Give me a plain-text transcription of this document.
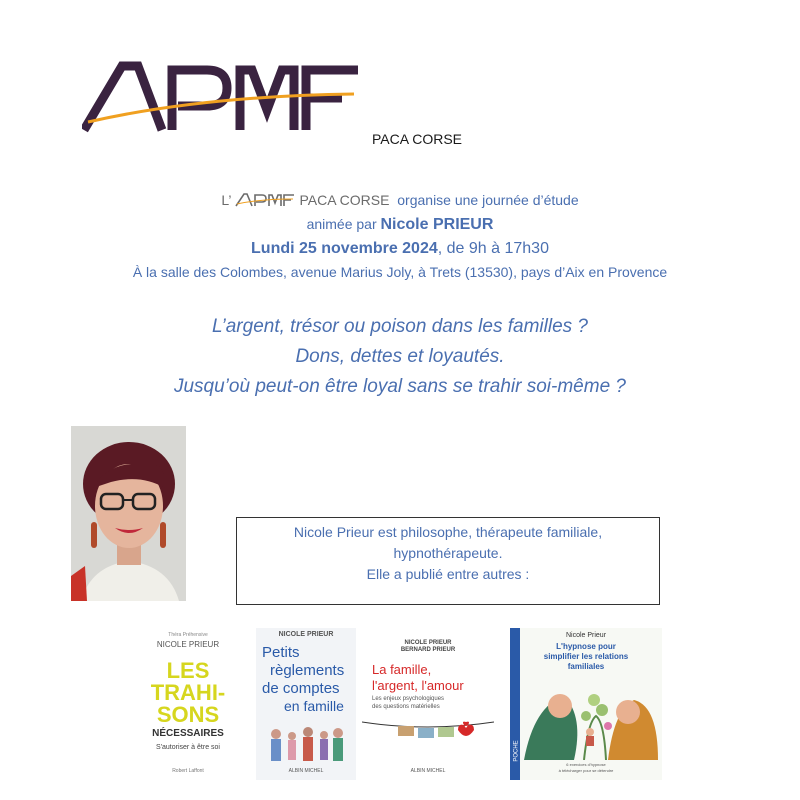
PACA CORSE
L’	PACA CORSE organise une journée d’étude
animée par Nicole PRIEUR
Lundi 25 novembre 2024, de 9h à 17h30
À la salle des Colombes, avenue Marius Joly, à Trets (13530), pays d’Aix en Provence
L’argent, trésor ou poison dans les familles ?
Dons, dettes et loyautés.
Jusqu’où peut-on être loyal sans se trahir soi-même ?
Nicole Prieur est philosophe, thérapeute familiale,
hypnothérapeute.
Elle a publié entre autres :
Théra Préhensive
NICOLE PRIEUR
LES
TRAHI-
SONS
NÉCESSAIRES
S'autoriser à être soi
Robert Laffont
NICOLE PRIEUR
Petits
règlements
de comptes
en famille
ALBIN MICHEL
NICOLE PRIEUR
BERNARD PRIEUR
La famille,
l'argent, l'amour
Les enjeux psychologiques
des questions matérielles
ALBIN MICHEL
POCHE
Nicole Prieur
L'hypnose pour
simplifier les relations
familiales
6 exercices d'hypnose
à télécharger pour se détendre
